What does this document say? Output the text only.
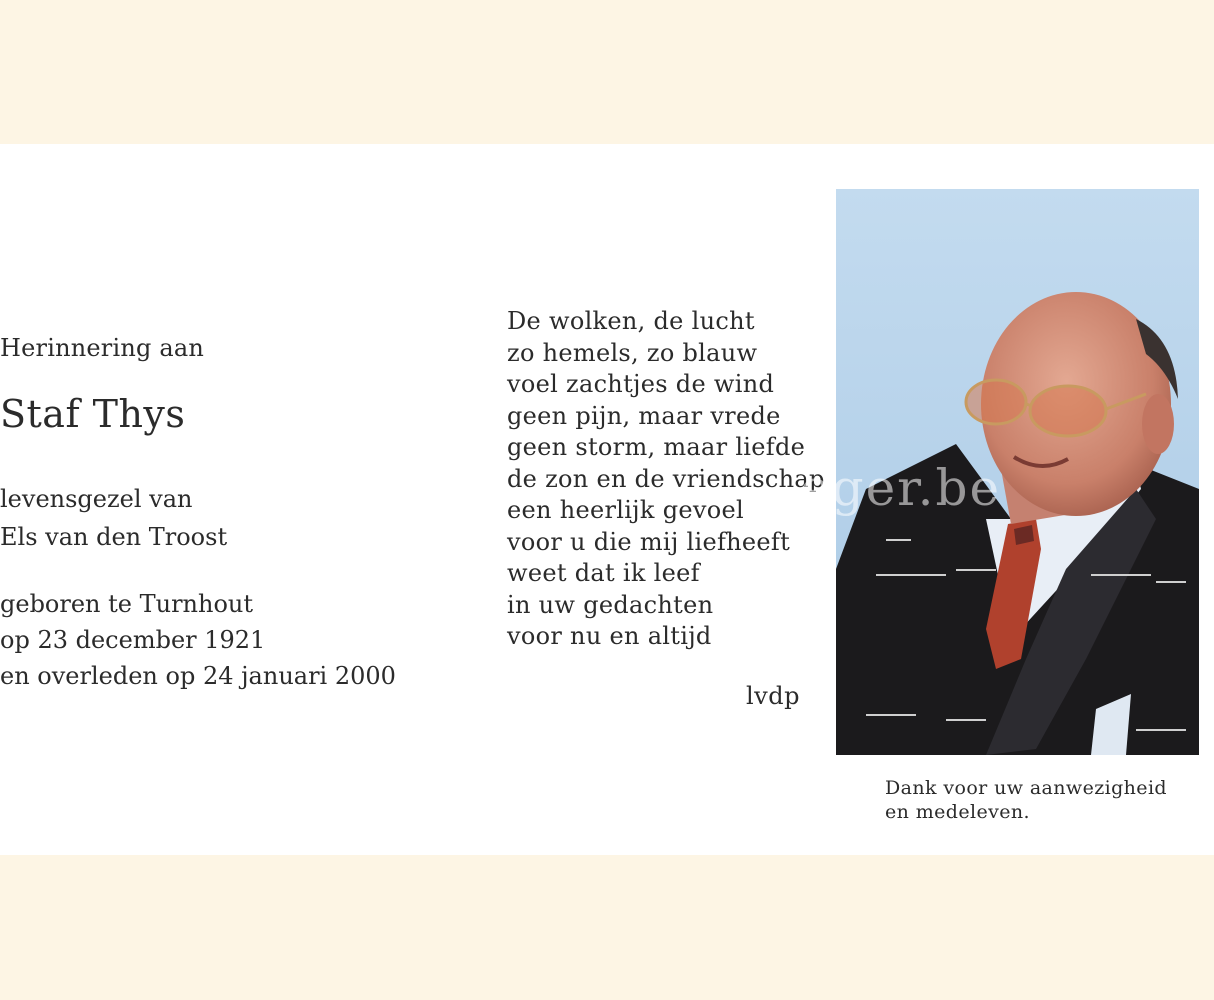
Herinnering aan
Staf Thys
levensgezel van
Els van den Troost
geboren te Turnhout
op 23 december 1921
en overleden op 24 januari 2000
De wolken, de lucht
zo hemels, zo blauw
voel zachtjes de wind
geen pijn, maar vrede
geen storm, maar liefde
de zon en de vriendschap
een heerlijk gevoel
voor u die mij liefheeft
weet dat ik leef
in uw gedachten
voor nu en altijd
lvdp
eger.be
Dank voor uw aanwezigheid
en medeleven.
